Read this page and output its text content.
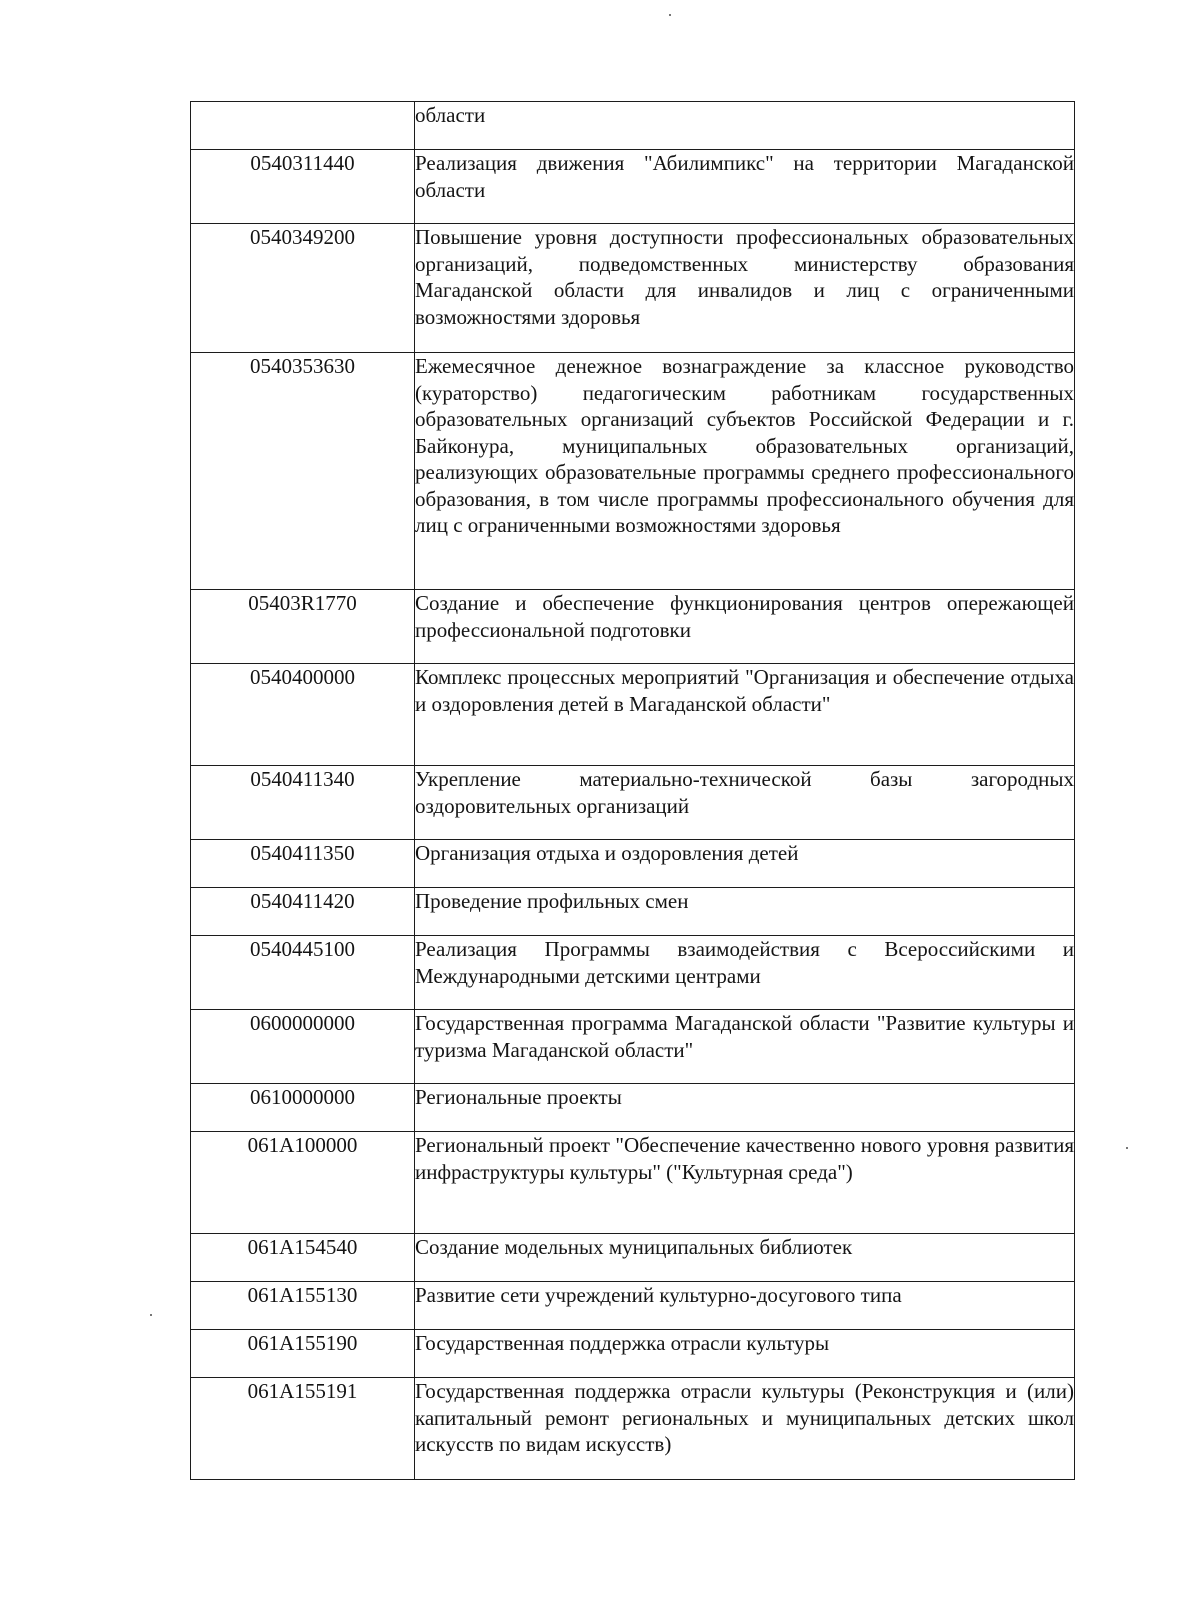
	области
0540311440	Реализация движения "Абилимпикс" на территории Магаданской области
0540349200	Повышение уровня доступности профессиональных образовательных организаций, подведомственных министерству образования Магаданской области для инвалидов и лиц с ограниченными возможностями здоровья
0540353630	Ежемесячное денежное вознаграждение за классное руководство (кураторство) педагогическим работникам государственных образовательных организаций субъектов Российской Федерации и г. Байконура, муниципальных образовательных организаций, реализующих образовательные программы среднего профессионального образования, в том числе программы профессионального обучения для лиц с ограниченными возможностями здоровья
05403R1770	Создание и обеспечение функционирования центров опережающей профессиональной подготовки
0540400000	Комплекс процессных мероприятий "Организация и обеспечение отдыха и оздоровления детей в Магаданской области"
0540411340	Укрепление материально-технической базы загородных оздоровительных организаций
0540411350	Организация отдыха и оздоровления детей
0540411420	Проведение профильных смен
0540445100	Реализация Программы взаимодействия с Всероссийскими и Международными детскими центрами
0600000000	Государственная программа Магаданской области "Развитие культуры и туризма Магаданской области"
0610000000	Региональные проекты
061A100000	Региональный проект "Обеспечение качественно нового уровня развития инфраструктуры культуры" ("Культурная среда")
061A154540	Создание модельных муниципальных библиотек
061A155130	Развитие сети учреждений культурно-досугового типа
061A155190	Государственная поддержка отрасли культуры
061A155191	Государственная поддержка отрасли культуры (Реконструкция и (или) капитальный ремонт региональных и муниципальных детских школ искусств по видам искусств)
